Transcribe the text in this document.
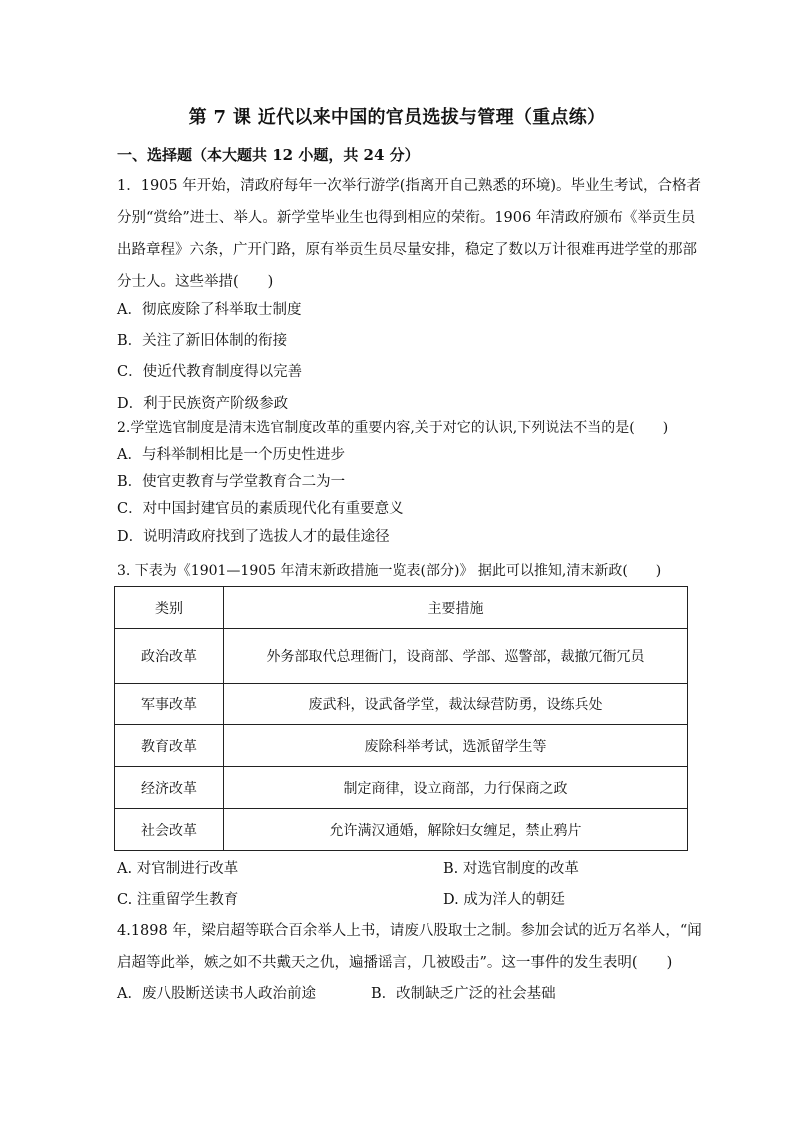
第 7 课 近代以来中国的官员选拔与管理（重点练）
一、选择题（本大题共 12 小题，共 24 分）
1．1905 年开始，清政府每年一次举行游学(指离开自己熟悉的环境)。毕业生考试，合格者
分别“赏给”进士、举人。新学堂毕业生也得到相应的荣衔。1906 年清政府颁布《举贡生员
出路章程》六条，广开门路，原有举贡生员尽量安排，稳定了数以万计很难再进学堂的那部
分士人。这些举措(　　)
A．彻底废除了科举取士制度
B．关注了新旧体制的衔接
C．使近代教育制度得以完善
D．利于民族资产阶级参政
2.学堂选官制度是清末选官制度改革的重要内容,关于对它的认识,下列说法不当的是(　　)
A．与科举制相比是一个历史性进步
B．使官吏教育与学堂教育合二为一
C．对中国封建官员的素质现代化有重要意义
D．说明清政府找到了选拔人才的最佳途径
3. 下表为《1901—1905 年清末新政措施一览表(部分)》 据此可以推知,清末新政(　　)
类别	主要措施
政治改革	外务部取代总理衙门，设商部、学部、巡警部，裁撤冗衙冗员
军事改革	废武科，设武备学堂，裁汰绿营防勇，设练兵处
教育改革	废除科举考试，选派留学生等
经济改革	制定商律，设立商部，力行保商之政
社会改革	允许满汉通婚，解除妇女缠足，禁止鸦片
A. 对官制进行改革	B. 对选官制度的改革
C. 注重留学生教育	D. 成为洋人的朝廷
4.1898 年，梁启超等联合百余举人上书，请废八股取士之制。参加会试的近万名举人，“闻
启超等此举，嫉之如不共戴天之仇，遍播谣言，几被殴击”。这一事件的发生表明(　　)
A．废八股断送读书人政治前途	B．改制缺乏广泛的社会基础
